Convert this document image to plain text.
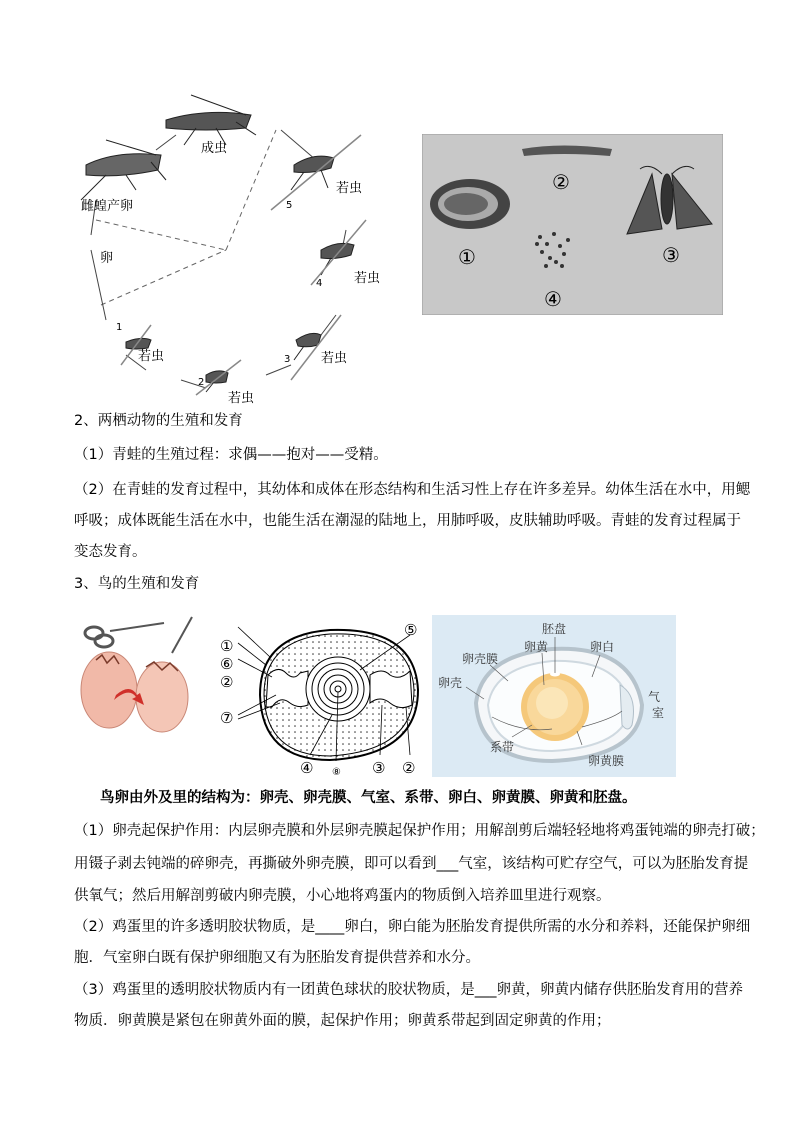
成虫
雌蝗产卵
卵
若虫
若虫
若虫
若虫
若虫
1
2
3
4
5
①
②
③
④
2、两栖动物的生殖和发育
（1）青蛙的生殖过程：求偶——抱对——受精。
（2）在青蛙的发育过程中，其幼体和成体在形态结构和生活习性上存在许多差异。幼体生活在水中，用鳃
呼吸；成体既能生活在水中，也能生活在潮湿的陆地上，用肺呼吸，皮肤辅助呼吸。青蛙的发育过程属于
变态发育。
3、鸟的生殖和发育
①
⑥
②
⑦
⑤
④ ⑧ ③ ②
胚盘
卵黄	卵白
卵壳膜
卵壳
气
室
系带
卵黄膜
鸟卵由外及里的结构为：卵壳、卵壳膜、气室、系带、卵白、卵黄膜、卵黄和胚盘。
（1）卵壳起保护作用：内层卵壳膜和外层卵壳膜起保护作用；用解剖剪后端轻轻地将鸡蛋钝端的卵壳打破；
用镊子剥去钝端的碎卵壳，再撕破外卵壳膜，即可以看到___气室，该结构可贮存空气，可以为胚胎发育提
供氧气；然后用解剖剪破内卵壳膜，小心地将鸡蛋内的物质倒入培养皿里进行观察。
（2）鸡蛋里的许多透明胶状物质，是____卵白，卵白能为胚胎发育提供所需的水分和养料，还能保护卵细
胞．气室卵白既有保护卵细胞又有为胚胎发育提供营养和水分。
（3）鸡蛋里的透明胶状物质内有一团黄色球状的胶状物质，是___卵黄，卵黄内储存供胚胎发育用的营养
物质．卵黄膜是紧包在卵黄外面的膜，起保护作用；卵黄系带起到固定卵黄的作用；
